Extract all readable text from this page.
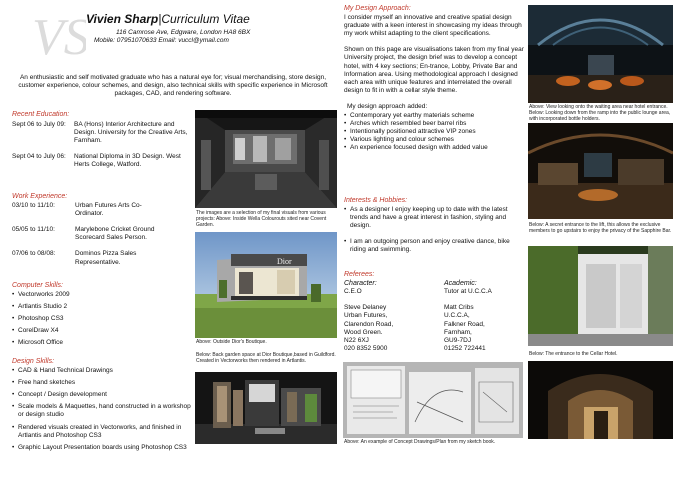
VS
Vivien Sharp|Curriculum Vitae
116 Camrose Ave, Edgware, London HA8 6BX
Mobile: 07951070633 Email: vuccl@ymail.com
An enthusiastic and self motivated graduate who has a natural eye for; visual merchandising, store design, customer experience, colour schemes, and design, also technical skills with specific experience in Microsoft packages, CAD, and rendering software.
Recent Education:
Sept 06 to July 09:	BA (Hons) Interior Architecture and Design. University for the Creative Arts, Farnham.
Sept 04 to July 06:	National Diploma in 3D Design. West Herts College, Watford.
Work Experience:
03/10 to 11/10:	Urban Futures Arts Co-Ordinator.
05/05 to 11/10:	Marylebone Cricket Ground Scorecard Sales Person.
07/06 to 08/08:	Dominos Pizza Sales Representative.
Computer Skills:
• Vectorworks 2009
• Artlantis Studio 2
• Photoshop CS3
• CorelDraw X4
• Microsoft Office
Design Skills:
• CAD & Hand Technical Drawings
• Free hand sketches
• Concept / Design development
• Scale models & Maquettes, hand constructed in a workshop or design studio
• Rendered visuals created in Vectorworks, and finished in Artlantis and Photoshop CS3
• Graphic Layout Presentation boards using Photoshop CS3
The images are a selection of my final visuals from various projects: Above: Inside Wella Colourouts sited near Covent Garden.
Dior
Above: Outside Dior's Boutique.
Below: Back garden space at Dior Boutique,based in Guildford. Created in Vectorworks then rendered in Artlantis.
My Design Approach:
I consider myself an innovative and creative spatial design graduate with a keen interest in showcasing my ideas through my work whilst adapting to the client specifications.
Shown on this page are visualisations taken from my final year University project, the design brief was to develop a concept hotel, with 4 key sections; En-trance, Lobby, Private Bar and Information area. Using methodological approach I designed each area with unique features and interrelated the overall design to fit in with a cellar style theme.
My design approach added:
• Contemporary yet earthy materials scheme
• Arches which resembled beer barrel ribs
• Intentionally positioned attractive VIP zones
• Various lighting and colour schemes
• An experience focused design with added value
Interests & Hobbies:
• As a designer I enjoy keeping up to date with the latest trends and have a great interest in fashion, styling and design.
• I am an outgoing person and enjoy creative dance, bike riding and swimming.
Referees:
Character:
C.E.O
Steve Delaney
Urban Futures,
Clarendon Road,
Wood Green.
N22 6XJ
020 8352 5900
Academic:
Tutor at U.C.C.A
Matt Cribs
U.C.C.A,
Falkner Road,
Farnham,
GU9-7DJ
01252 722441
Above: An example of Concept Drawings/Plan from my sketch book.
Above: View looking onto the waiting area near hotel entrance. Below: Looking down from the ramp into the public lounge area, with incorporated bottle holders.
Below: A secret entrance to the lift, this allows the exclusive members to go upstairs to enjoy the privacy of the Sapphire Bar.
Below: The entrance to the Cellar Hotel.
